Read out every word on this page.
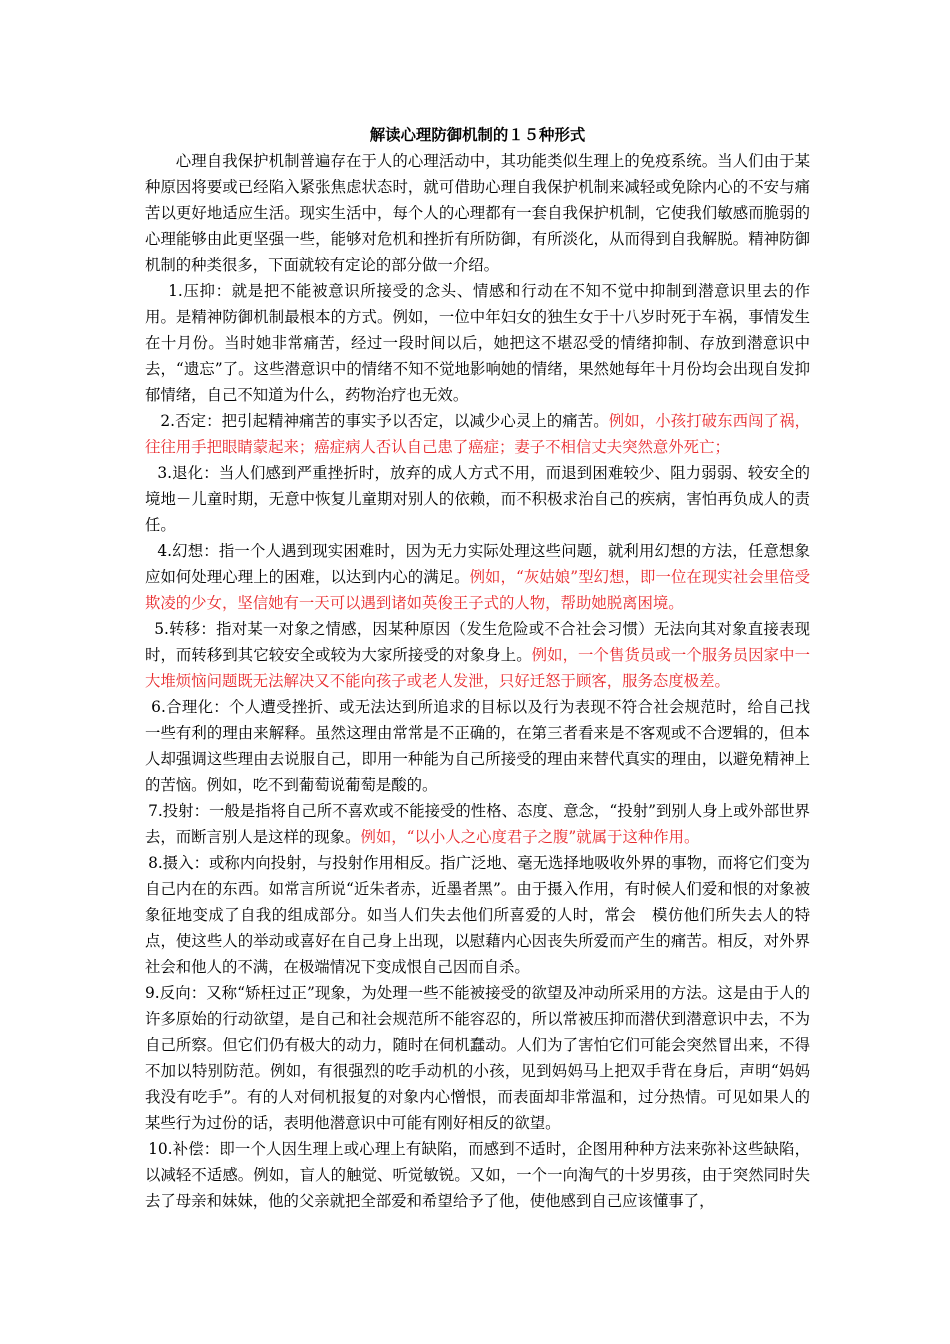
解读心理防御机制的１５种形式

心理自我保护机制普遍存在于人的心理活动中，其功能类似生理上的免疫系统。当人们由于某种原因将要或已经陷入紧张焦虑状态时，就可借助心理自我保护机制来减轻或免除内心的不安与痛苦以更好地适应生活。现实生活中，每个人的心理都有一套自我保护机制，它使我们敏感而脆弱的心理能够由此更坚强一些，能够对危机和挫折有所防御，有所淡化，从而得到自我解脱。精神防御机制的种类很多，下面就较有定论的部分做一介绍。

1.压抑：就是把不能被意识所接受的念头、情感和行动在不知不觉中抑制到潜意识里去的作用。是精神防御机制最根本的方式。例如，一位中年妇女的独生女于十八岁时死于车祸，事情发生在十月份。当时她非常痛苦，经过一段时间以后，她把这不堪忍受的情绪抑制、存放到潜意识中去，“遗忘”了。这些潜意识中的情绪不知不觉地影响她的情绪，果然她每年十月份均会出现自发抑郁情绪，自己不知道为什么，药物治疗也无效。

2.否定：把引起精神痛苦的事实予以否定，以减少心灵上的痛苦。例如，小孩打破东西闯了祸，往往用手把眼睛蒙起来；癌症病人否认自己患了癌症；妻子不相信丈夫突然意外死亡；

3.退化：当人们感到严重挫折时，放弃的成人方式不用，而退到困难较少、阻力弱弱、较安全的境地－儿童时期，无意中恢复儿童期对别人的依赖，而不积极求治自己的疾病，害怕再负成人的责任。

4.幻想：指一个人遇到现实困难时，因为无力实际处理这些问题，就利用幻想的方法，任意想象应如何处理心理上的困难，以达到内心的满足。例如，“灰姑娘”型幻想，即一位在现实社会里倍受欺凌的少女，坚信她有一天可以遇到诸如英俊王子式的人物，帮助她脱离困境。

5.转移：指对某一对象之情感，因某种原因（发生危险或不合社会习惯）无法向其对象直接表现时，而转移到其它较安全或较为大家所接受的对象身上。例如，一个售货员或一个服务员因家中一大堆烦恼问题既无法解决又不能向孩子或老人发泄，只好迁怒于顾客，服务态度极差。

6.合理化：个人遭受挫折、或无法达到所追求的目标以及行为表现不符合社会规范时，给自己找一些有利的理由来解释。虽然这理由常常是不正确的，在第三者看来是不客观或不合逻辑的，但本人却强调这些理由去说服自己，即用一种能为自己所接受的理由来替代真实的理由，以避免精神上的苦恼。例如，吃不到葡萄说葡萄是酸的。

7.投射：一般是指将自己所不喜欢或不能接受的性格、态度、意念，“投射”到别人身上或外部世界去，而断言别人是这样的现象。例如，“以小人之心度君子之腹”就属于这种作用。

8.摄入：或称内向投射，与投射作用相反。指广泛地、毫无选择地吸收外界的事物，而将它们变为自己内在的东西。如常言所说“近朱者赤，近墨者黑”。由于摄入作用，有时候人们爱和恨的对象被象征地变成了自我的组成部分。如当人们失去他们所喜爱的人时，常会　模仿他们所失去人的特点，使这些人的举动或喜好在自己身上出现，以慰藉内心因丧失所爱而产生的痛苦。相反，对外界社会和他人的不满，在极端情况下变成恨自己因而自杀。

9.反向：又称“矫枉过正”现象，为处理一些不能被接受的欲望及冲动所采用的方法。这是由于人的许多原始的行动欲望，是自己和社会规范所不能容忍的，所以常被压抑而潜伏到潜意识中去，不为自己所察。但它们仍有极大的动力，随时在伺机蠢动。人们为了害怕它们可能会突然冒出来，不得不加以特别防范。例如，有很强烈的吃手动机的小孩，见到妈妈马上把双手背在身后，声明“妈妈我没有吃手”。有的人对伺机报复的对象内心憎恨，而表面却非常温和，过分热情。可见如果人的某些行为过份的话，表明他潜意识中可能有刚好相反的欲望。

10.补偿：即一个人因生理上或心理上有缺陷，而感到不适时，企图用种种方法来弥补这些缺陷，以减轻不适感。例如，盲人的触觉、听觉敏锐。又如，一个一向淘气的十岁男孩，由于突然同时失去了母亲和妹妹，他的父亲就把全部爱和希望给予了他，使他感到自己应该懂事了，
